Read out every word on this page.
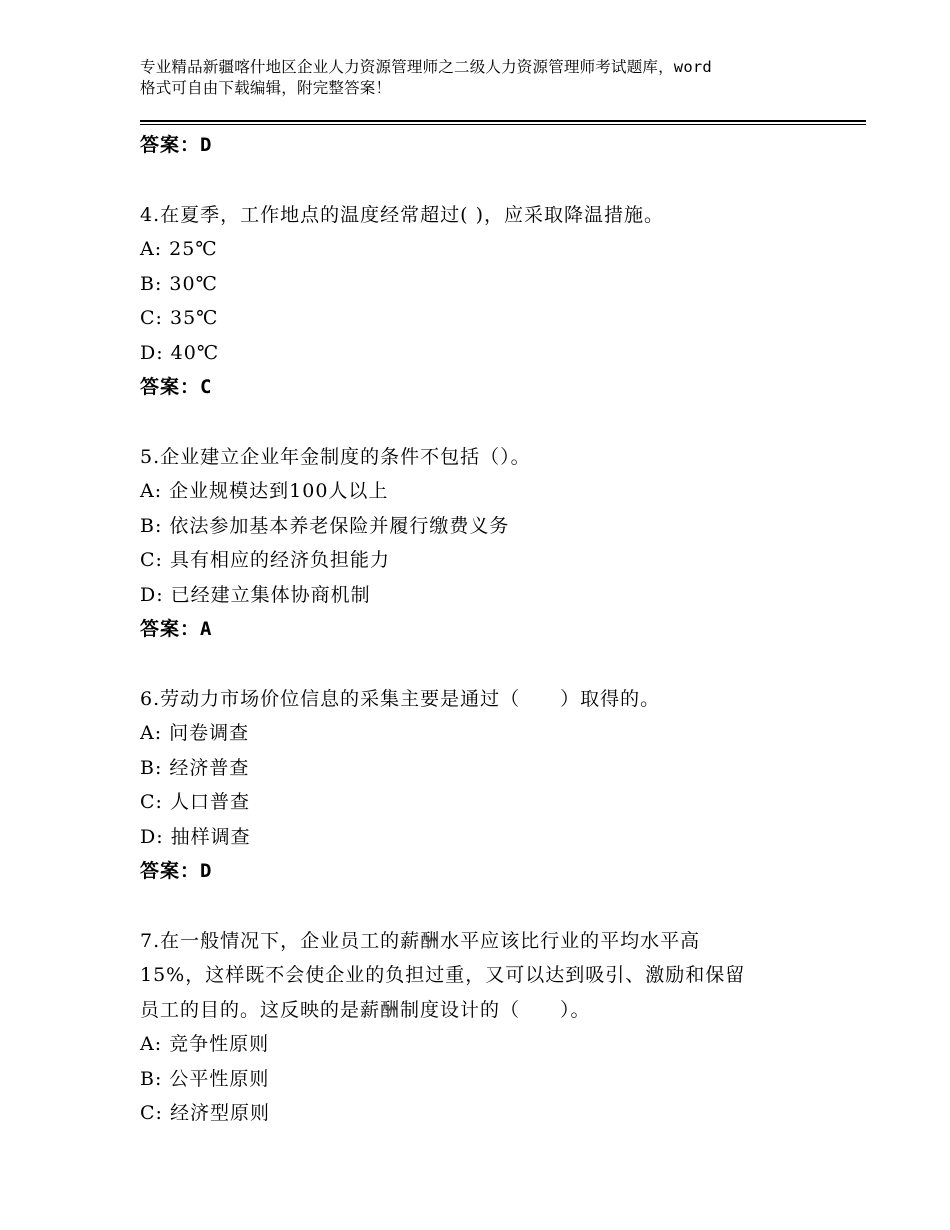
专业精品新疆喀什地区企业人力资源管理师之二级人力资源管理师考试题库，word
格式可自由下载编辑，附完整答案！
答案：D
4.在夏季，工作地点的温度经常超过( )，应采取降温措施。
A: 25℃
B: 30℃
C: 35℃
D: 40℃
答案：C
5.企业建立企业年金制度的条件不包括（）。
A: 企业规模达到100人以上
B: 依法参加基本养老保险并履行缴费义务
C: 具有相应的经济负担能力
D: 已经建立集体协商机制
答案：A
6.劳动力市场价位信息的采集主要是通过（　　）取得的。
A: 问卷调查
B: 经济普查
C: 人口普查
D: 抽样调查
答案：D
7.在一般情况下，企业员工的薪酬水平应该比行业的平均水平高
15%，这样既不会使企业的负担过重，又可以达到吸引、激励和保留
员工的目的。这反映的是薪酬制度设计的（　　）。
A: 竞争性原则
B: 公平性原则
C: 经济型原则
